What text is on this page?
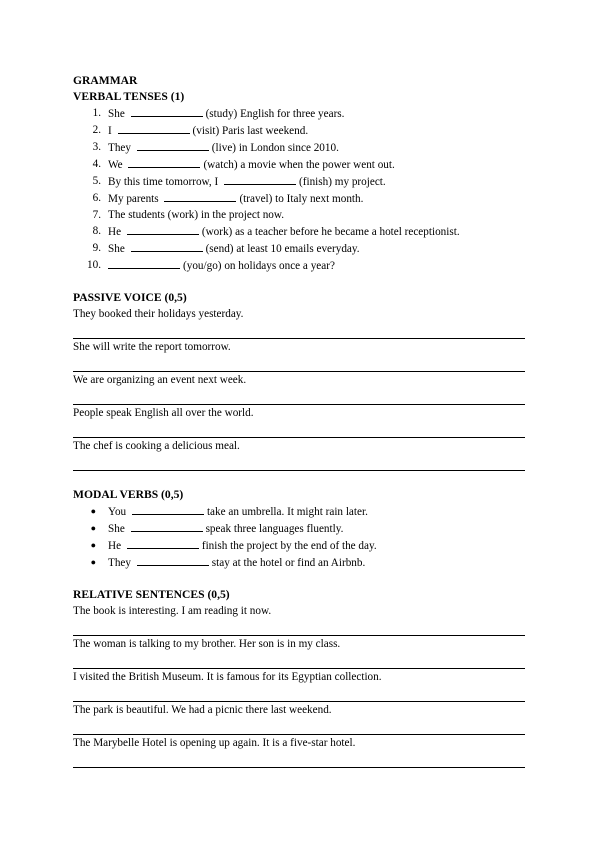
GRAMMAR
VERBAL TENSES (1)
1. She	(study) English for three years.
2. I	(visit) Paris last weekend.
3. They	(live) in London since 2010.
4. We	(watch) a movie when the power went out.
5. By this time tomorrow, I	(finish) my project.
6. My parents	(travel) to Italy next month.
7. The students (work) in the project now.
8. He	(work) as a teacher before he became a hotel receptionist.
9. She	(send) at least 10 emails everyday.
10.	(you/go) on holidays once a year?
PASSIVE VOICE (0,5)
They booked their holidays yesterday.
She will write the report tomorrow.
We are organizing an event next week.
People speak English all over the world.
The chef is cooking a delicious meal.
MODAL VERBS (0,5)
●	You	take an umbrella. It might rain later.
●	She	speak three languages fluently.
●	He	finish the project by the end of the day.
●	They	stay at the hotel or find an Airbnb.
RELATIVE SENTENCES (0,5)
The book is interesting. I am reading it now.
The woman is talking to my brother. Her son is in my class.
I visited the British Museum. It is famous for its Egyptian collection.
The park is beautiful. We had a picnic there last weekend.
The Marybelle Hotel is opening up again. It is a five-star hotel.
